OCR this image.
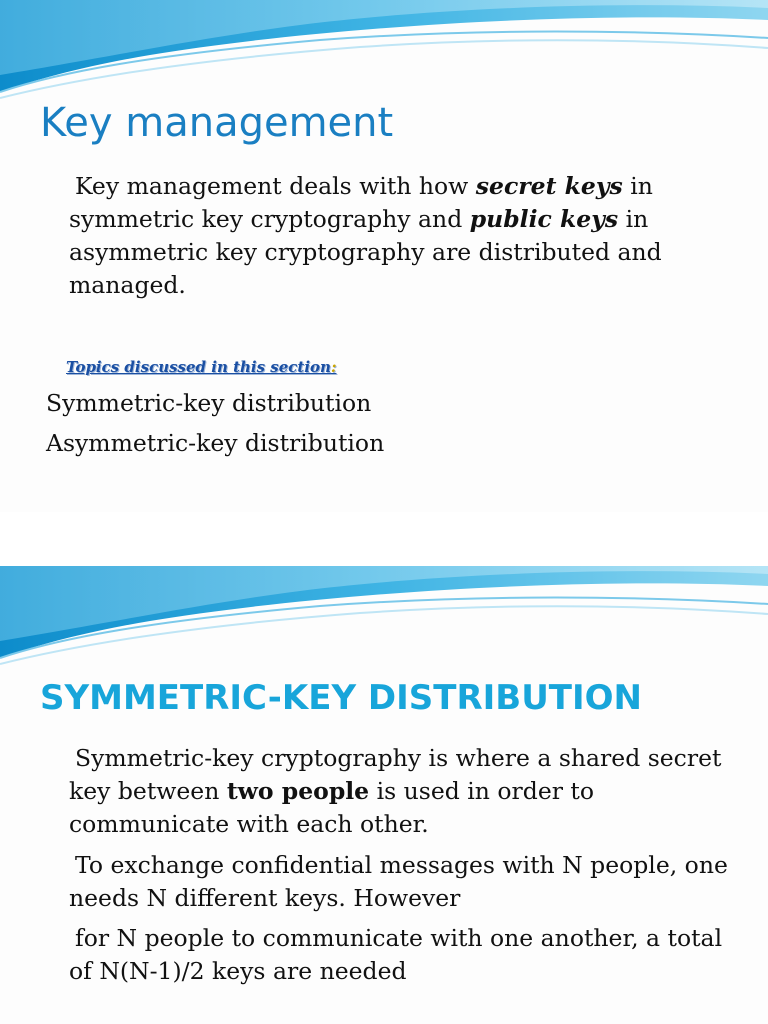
Key management

Key management deals with how secret keys in symmetric key cryptography and public keys in asymmetric key cryptography are distributed and managed.

Topics discussed in this section:

Symmetric-key distribution

Asymmetric-key distribution

SYMMETRIC-KEY DISTRIBUTION

Symmetric-key cryptography is where a shared secret key between two people is used in order to communicate with each other.

To exchange confidential messages with N people, one needs N different keys. However

for N people to communicate with one another, a total of N(N-1)/2 keys are needed
